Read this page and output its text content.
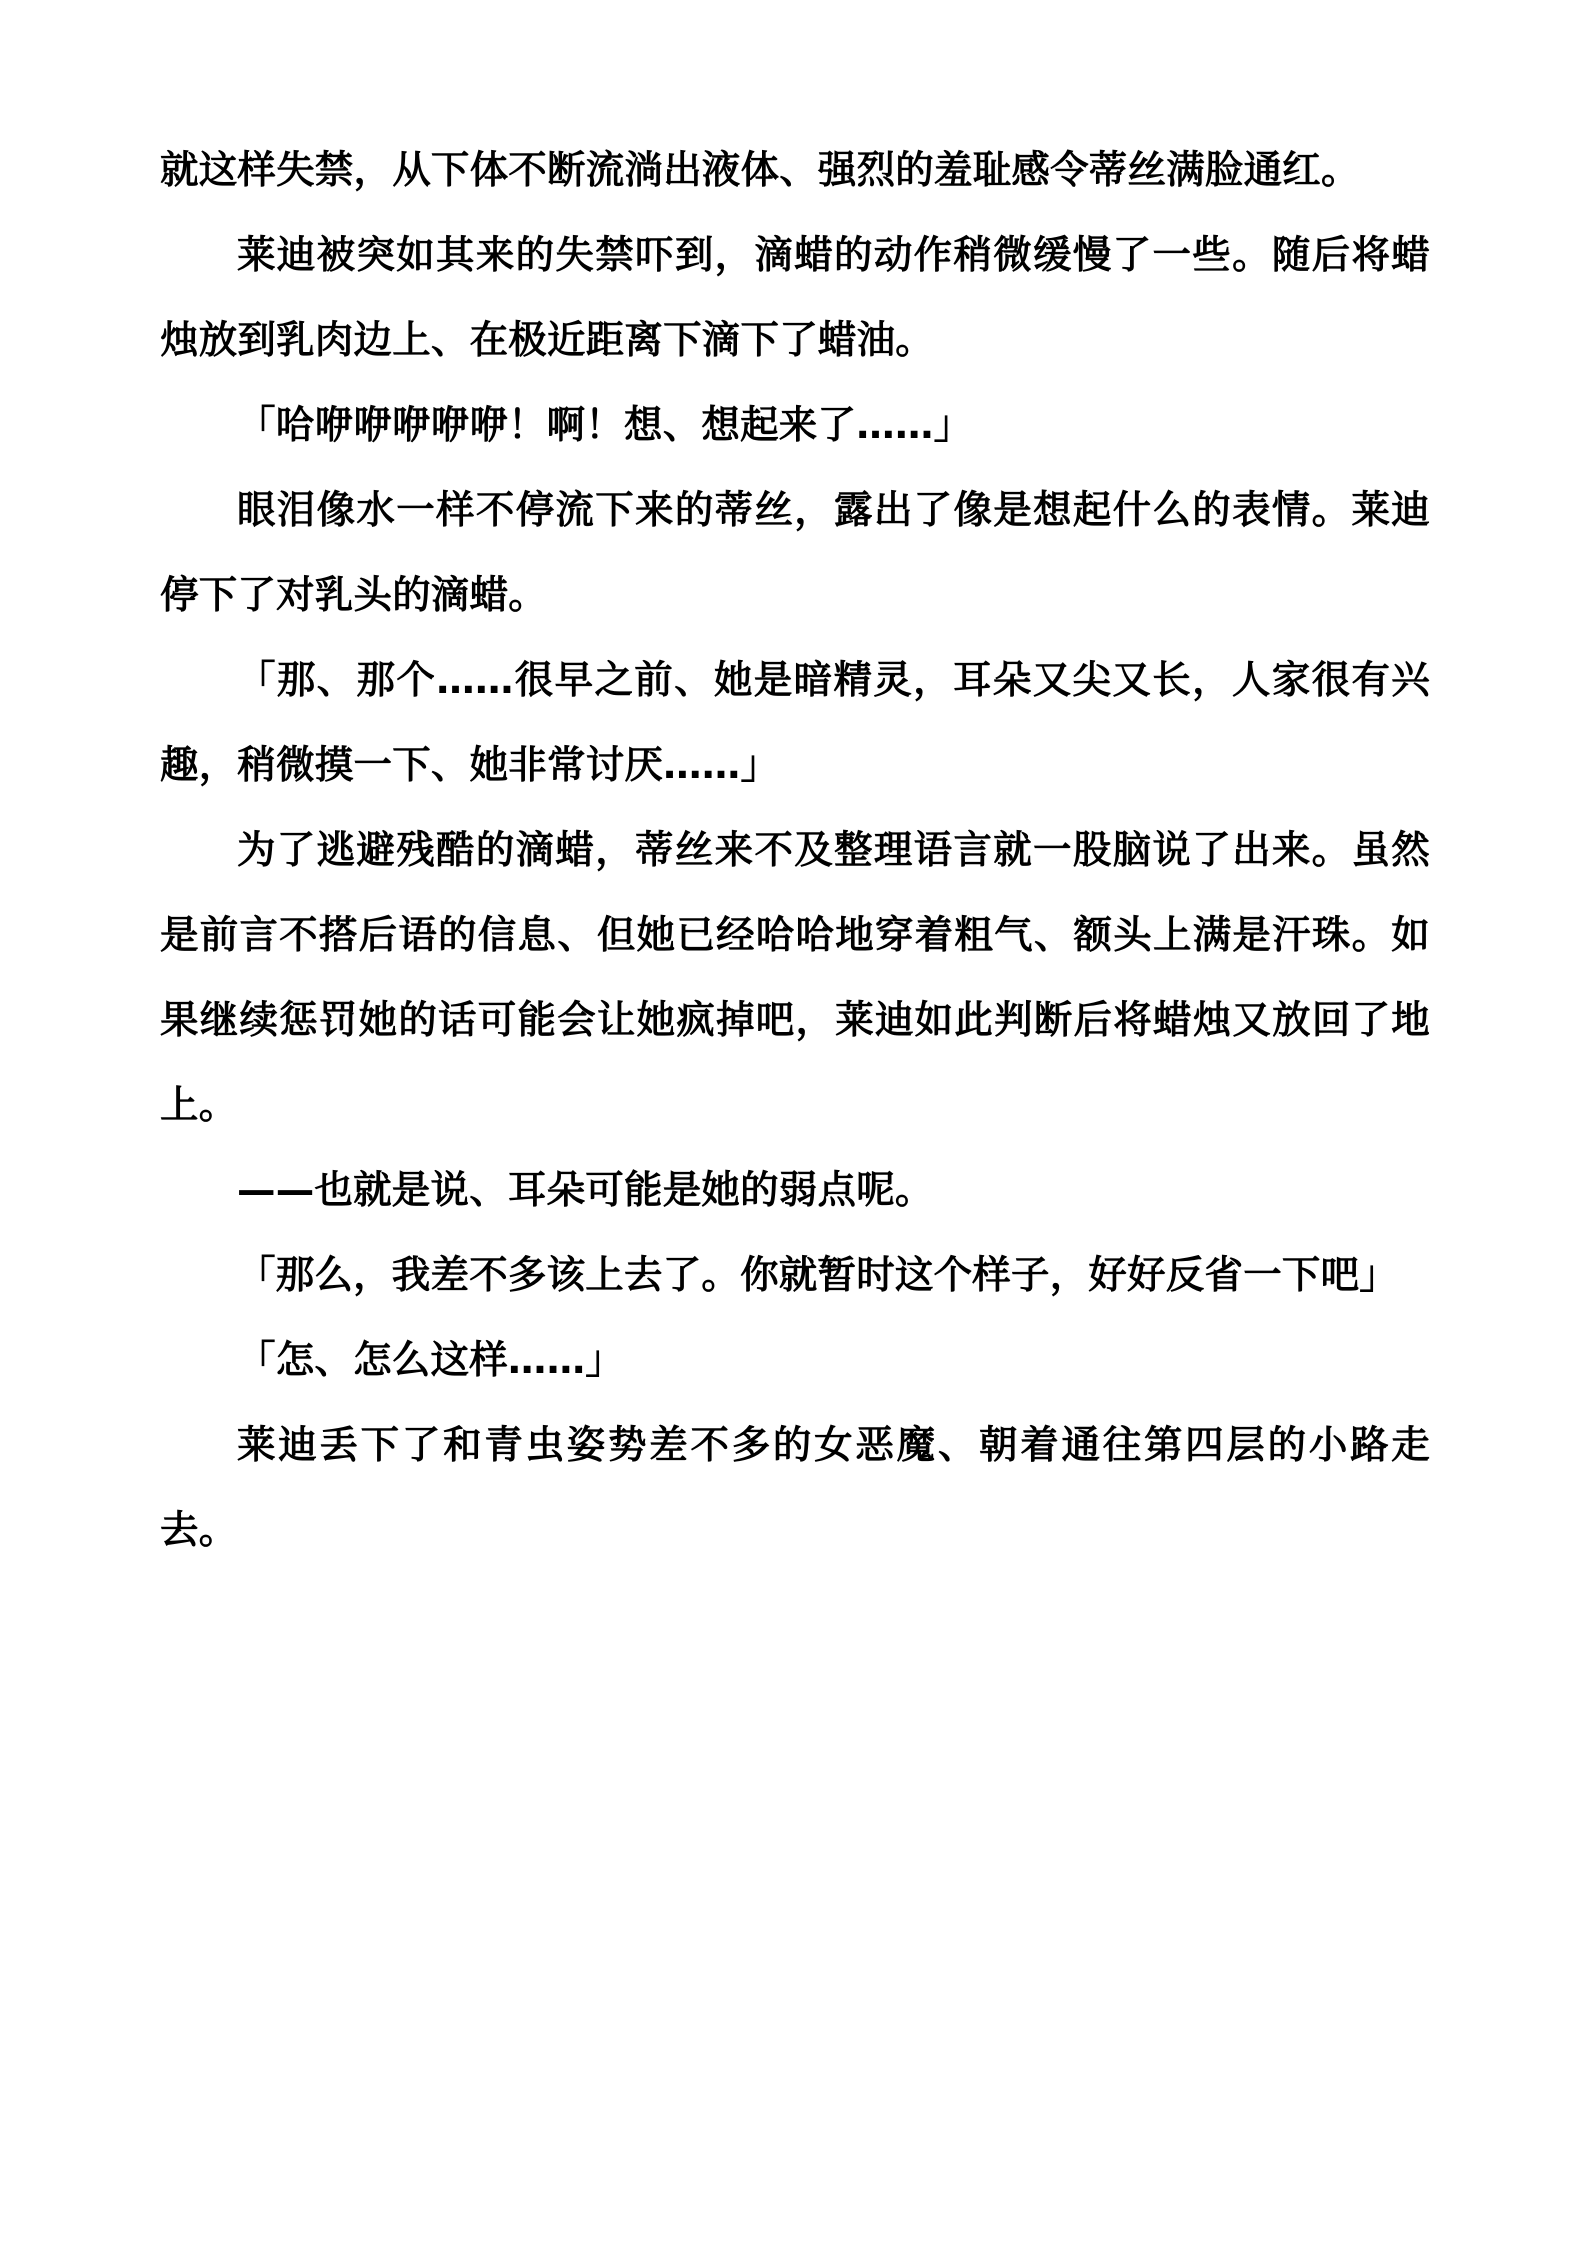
就这样失禁，从下体不断流淌出液体、强烈的羞耻感令蒂丝满脸通红。

莱迪被突如其来的失禁吓到，滴蜡的动作稍微缓慢了一些。随后将蜡烛放到乳肉边上、在极近距离下滴下了蜡油。

「哈咿咿咿咿咿！啊！想、想起来了……」

眼泪像水一样不停流下来的蒂丝，露出了像是想起什么的表情。莱迪停下了对乳头的滴蜡。

「那、那个……很早之前、她是暗精灵，耳朵又尖又长，人家很有兴趣，稍微摸一下、她非常讨厌……」

为了逃避残酷的滴蜡，蒂丝来不及整理语言就一股脑说了出来。虽然是前言不搭后语的信息、但她已经哈哈地穿着粗气、额头上满是汗珠。如果继续惩罚她的话可能会让她疯掉吧，莱迪如此判断后将蜡烛又放回了地上。

——也就是说、耳朵可能是她的弱点呢。

「那么，我差不多该上去了。你就暂时这个样子，好好反省一下吧」

「怎、怎么这样……」

莱迪丢下了和青虫姿势差不多的女恶魔、朝着通往第四层的小路走去。
